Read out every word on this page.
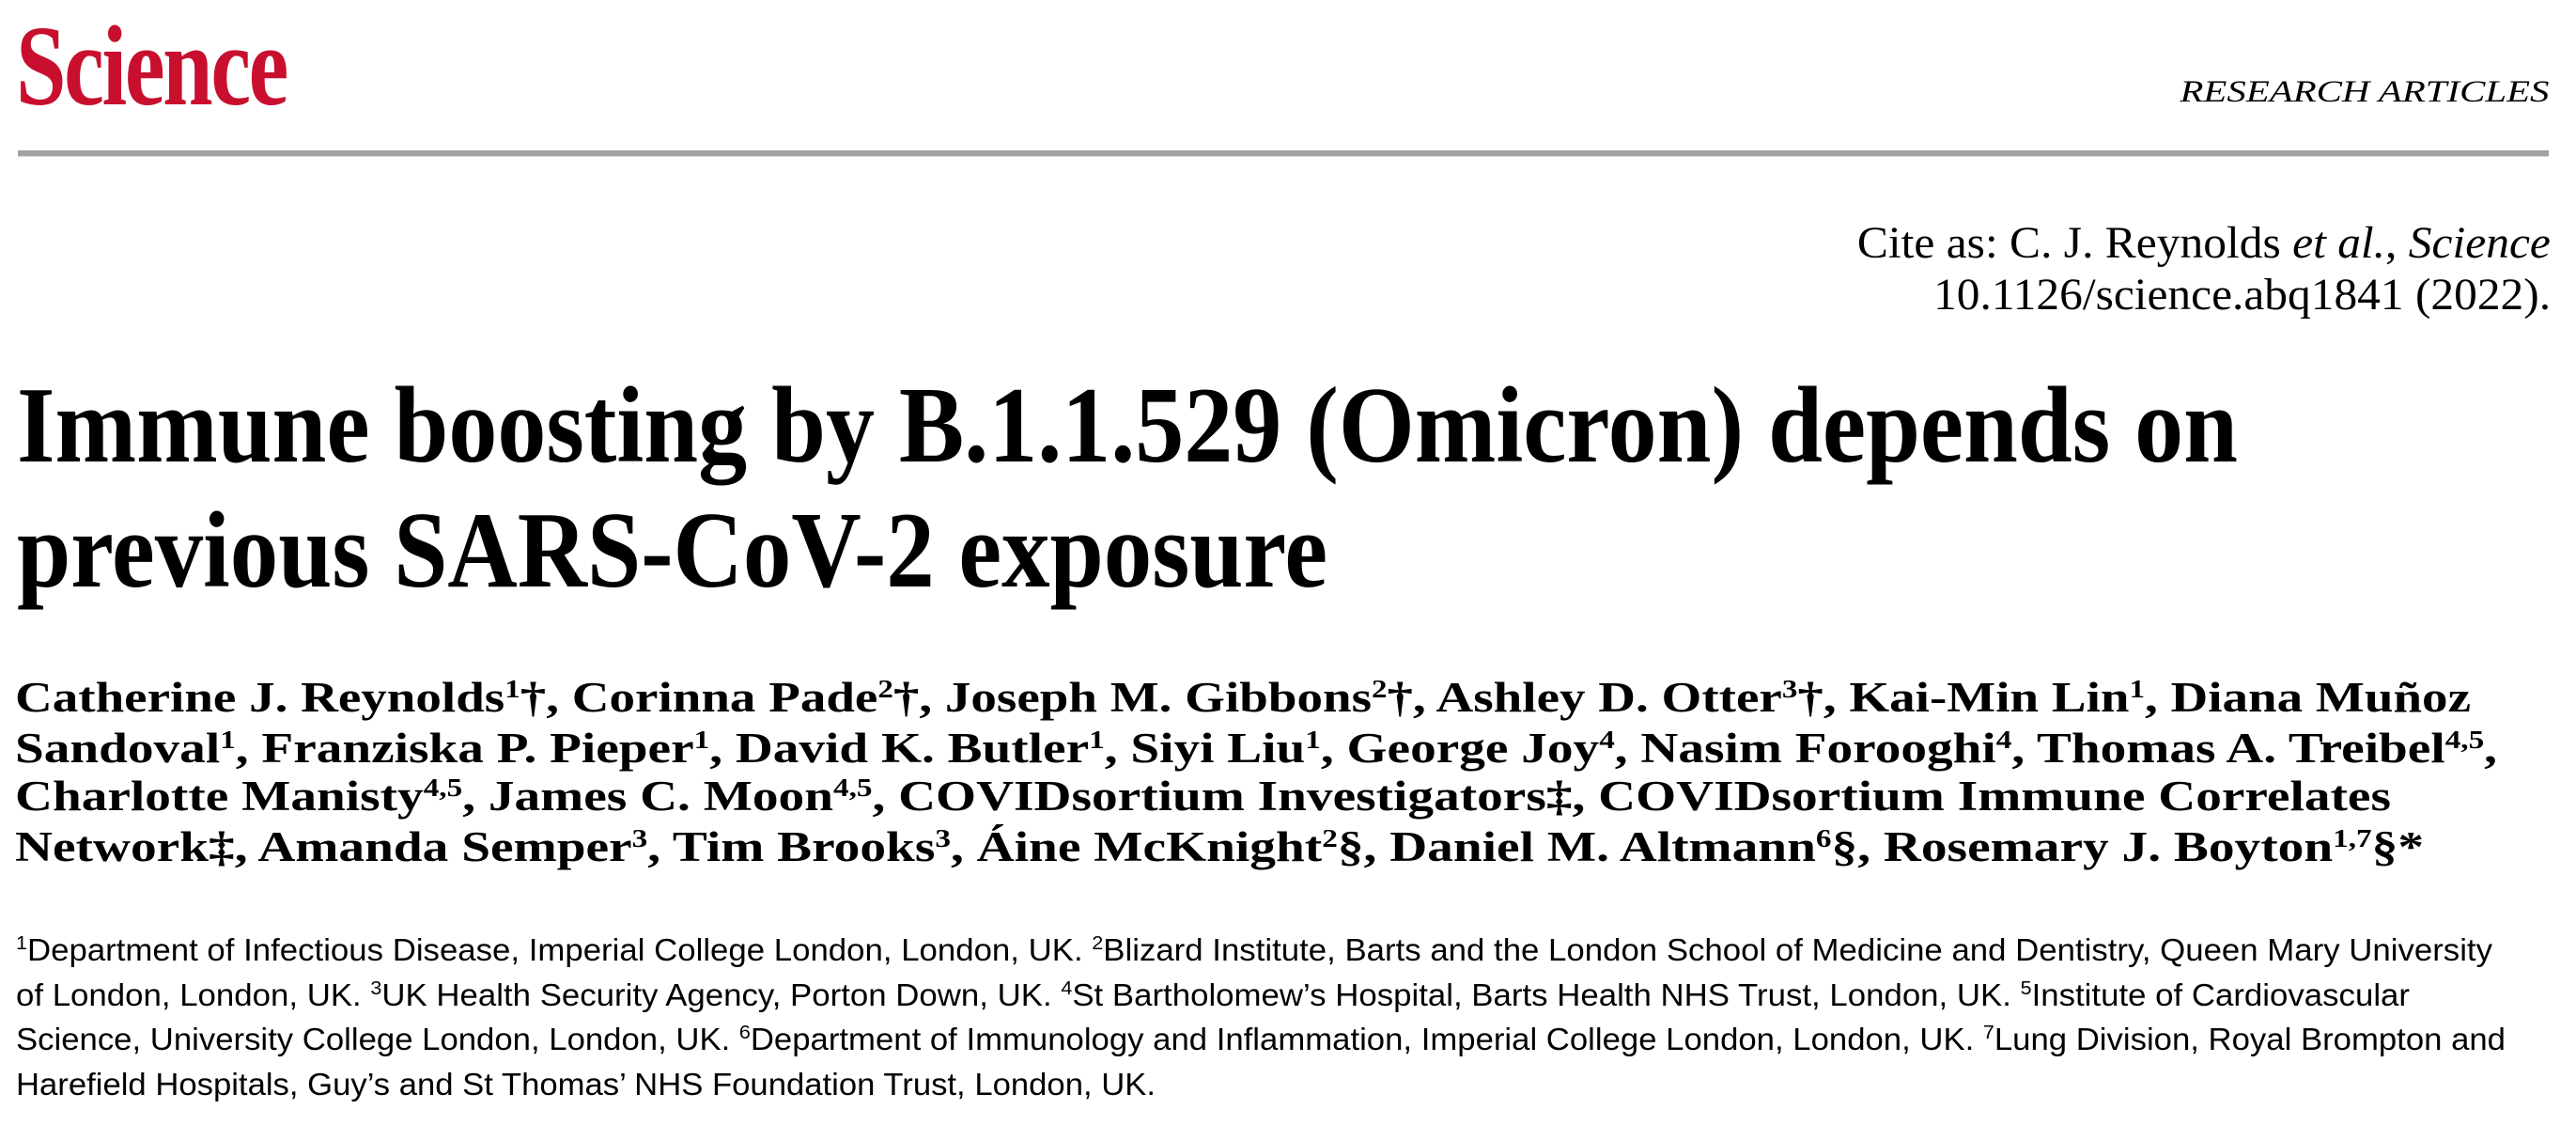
Science	RESEARCH ARTICLES
Cite as: C. J. Reynolds et al., Science
10.1126/science.abq1841 (2022).
Immune boosting by B.1.1.529 (Omicron) depends on
previous SARS-CoV-2 exposure
Catherine J. Reynolds$^1$†, Corinna Pade$^2$†, Joseph M. Gibbons$^2$†, Ashley D. Otter$^3$†, Kai-Min Lin$^1$, Diana Muñoz
Sandoval$^1$, Franziska P. Pieper$^1$, David K. Butler$^1$, Siyi Liu$^1$, George Joy$^4$, Nasim Forooghi$^4$, Thomas A. Treibel$^{4,5}$,
Charlotte Manisty$^{4,5}$, James C. Moon$^{4,5}$, COVIDsortium Investigators‡, COVIDsortium Immune Correlates
Network‡, Amanda Semper$^3$, Tim Brooks$^3$, Áine McKnight$^2$§, Daniel M. Altmann$^6$§, Rosemary J. Boyton$^{1,7}$§*
$^1$Department of Infectious Disease, Imperial College London, London, UK. $^2$Blizard Institute, Barts and the London School of Medicine and Dentistry, Queen Mary University
of London, London, UK. $^3$UK Health Security Agency, Porton Down, UK. $^4$St Bartholomew’s Hospital, Barts Health NHS Trust, London, UK. $^5$Institute of Cardiovascular
Science, University College London, London, UK. $^6$Department of Immunology and Inflammation, Imperial College London, London, UK. $^7$Lung Division, Royal Brompton and
Harefield Hospitals, Guy’s and St Thomas’ NHS Foundation Trust, London, UK.
